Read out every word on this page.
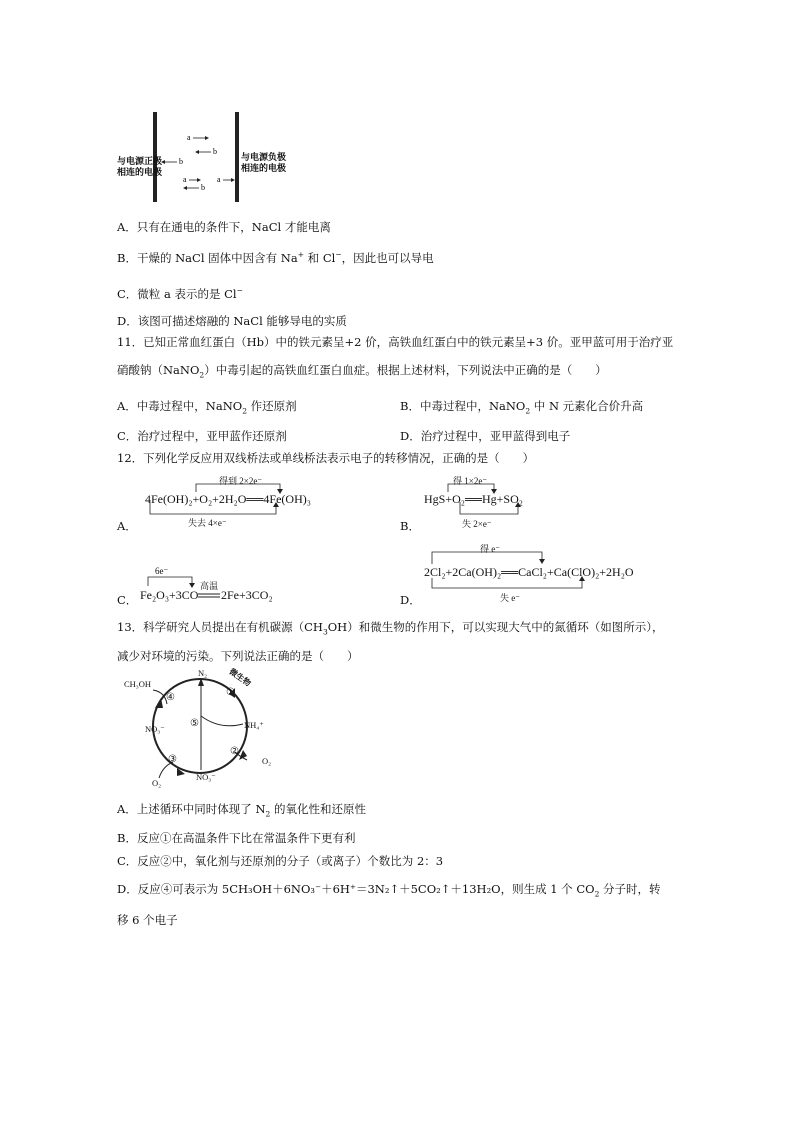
a
b
b
a
a
b
与电源正极
相连的电极
与电源负极
相连的电极
A．只有在通电的条件下，NaCl 才能电离
B．干燥的 NaCl 固体中因含有 Na+ 和 Cl−，因此也可以导电
C．微粒 a 表示的是 Cl−
D．该图可描述熔融的 NaCl 能够导电的实质
11．已知正常血红蛋白（Hb）中的铁元素呈+2 价，高铁血红蛋白中的铁元素呈+3 价。亚甲蓝可用于治疗亚
硝酸钠（NaNO$_2$）中毒引起的高铁血红蛋白血症。根据上述材料，下列说法中正确的是（　　）
A．中毒过程中，NaNO$_2$ 作还原剂	B．中毒过程中，NaNO$_2$ 中 N 元素化合价升高
C．治疗过程中，亚甲蓝作还原剂	D．治疗过程中，亚甲蓝得到电子
12．下列化学反应用双线桥法或单线桥法表示电子的转移情况，正确的是（　　）
A．
得到 2×2e⁻
4Fe(OH)₂+O₂+2H₂O══4Fe(OH)₃
失去 4×e⁻	B．
得 1×2e⁻
HgS+O₂══Hg+SO₂
失 2×e⁻
C．
6e⁻
Fe₂O₃+3CO
高温
2Fe+3CO₂	D．
得 e⁻
2Cl₂+2Ca(OH)₂══CaCl₂+Ca(ClO)₂+2H₂O
失 e⁻
13．科学研究人员提出在有机碳源$(CH_3OH)$和微生物的作用下，可以实现大气中的氮循环（如图所示），
减少对环境的污染。下列说法正确的是（　　）
CH₃OH
N₂	微生物
①
④
⑤	NH₄⁺
NO₃⁻
②
③	O₂
NO₃⁻
O₂
A．上述循环中同时体现了 $N_2$ 的氧化性和还原性
B．反应①在高温条件下比在常温条件下更有利
C．反应②中，氧化剂与还原剂的分子（或离子）个数比为 2：3
D．反应④可表示为 5CH₃OH＋6NO₃⁻＋6H⁺＝3N₂↑＋5CO₂↑＋13H₂O，则生成 1 个 $CO_2$ 分子时，转
移 6 个电子
